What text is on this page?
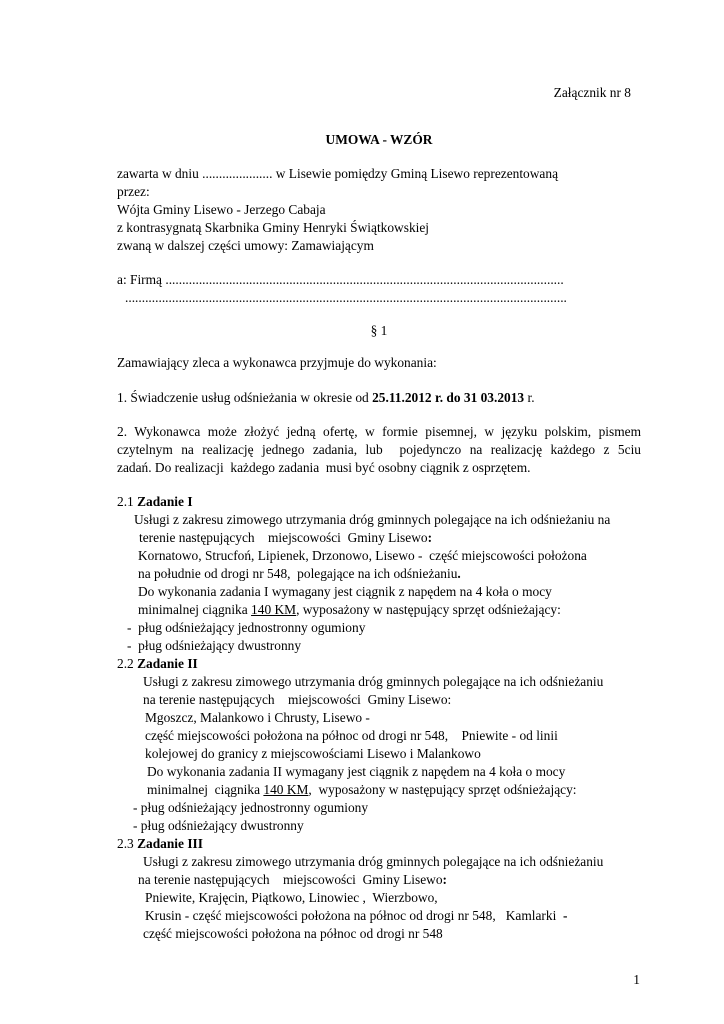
Załącznik nr 8
UMOWA - WZÓR
zawarta w dniu ..................... w Lisewie pomiędzy Gminą Lisewo reprezentowaną
przez:
Wójta Gminy Lisewo - Jerzego Cabaja
z kontrasygnatą Skarbnika Gminy Henryki Świątkowskiej
zwaną w dalszej części umowy: Zamawiającym
a: Firmą .......................................................................................................................
....................................................................................................................................
§ 1
Zamawiający zleca a wykonawca przyjmuje do wykonania:
1. Świadczenie usług odśnieżania w okresie od 25.11.2012 r. do 31 03.2013 r.
2. Wykonawca może złożyć jedną ofertę, w formie pisemnej, w języku polskim, pismem
czytelnym na realizację jednego zadania, lub  pojedynczo na realizację każdego z 5ciu
zadań. Do realizacji  każdego zadania  musi być osobny ciągnik z osprzętem.
2.1 Zadanie I
Usługi z zakresu zimowego utrzymania dróg gminnych polegające na ich odśnieżaniu na
terenie następujących    miejscowości  Gminy Lisewo:
Kornatowo, Strucfoń, Lipienek, Drzonowo, Lisewo -  część miejscowości położona
na południe od drogi nr 548,  polegające na ich odśnieżaniu.
Do wykonania zadania I wymagany jest ciągnik z napędem na 4 koła o mocy
minimalnej ciągnika 140 KM, wyposażony w następujący sprzęt odśnieżający:
-  pług odśnieżający jednostronny ogumiony
-  pług odśnieżający dwustronny
2.2 Zadanie II
Usługi z zakresu zimowego utrzymania dróg gminnych polegające na ich odśnieżaniu
na terenie następujących    miejscowości  Gminy Lisewo:
Mgoszcz, Malankowo i Chrusty, Lisewo -
część miejscowości położona na północ od drogi nr 548,    Pniewite - od linii
kolejowej do granicy z miejscowościami Lisewo i Malankowo
Do wykonania zadania II wymagany jest ciągnik z napędem na 4 koła o mocy
minimalnej  ciągnika 140 KM,  wyposażony w następujący sprzęt odśnieżający:
- pług odśnieżający jednostronny ogumiony
- pług odśnieżający dwustronny
2.3 Zadanie III
Usługi z zakresu zimowego utrzymania dróg gminnych polegające na ich odśnieżaniu
na terenie następujących    miejscowości  Gminy Lisewo:
Pniewite, Krajęcin, Piątkowo, Linowiec ,  Wierzbowo,
Krusin - część miejscowości położona na północ od drogi nr 548,   Kamlarki  -
część miejscowości położona na północ od drogi nr 548
1
